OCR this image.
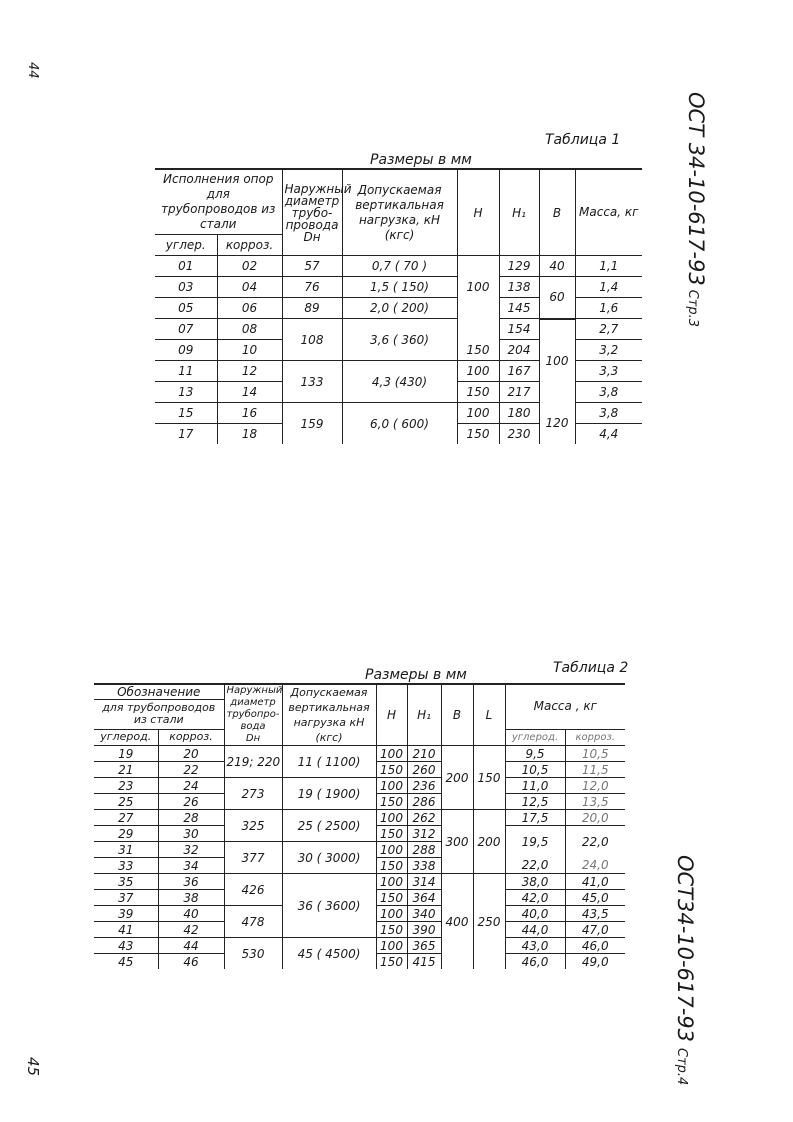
44
45
ОСТ 34-10-617-93Стр.3
ОСТ34-10-617-93Стр.4
Таблица 1
Размеры в мм
Исполнения опор для трубопроводов из стали		Наружный диаметр трубо-провода
Dн	Допускаемая вертикальная нагрузка, кН (кгс)	H	H₁	B	Масса, кг
углер.	корроз.						
01	02	57	0,7 ( 70 )	100	129	40	1,1
03	04	76	1,5 ( 150)		138	60	1,4
05	06	89	2,0 ( 200)		145		1,6
07	08	108	3,6 ( 360)		154	100	2,7
09	10			150	204		3,2
11	12	133	4,3 (430)	100	167		3,3
13	14			150	217		3,8
15	16	159	6,0 ( 600)	100	180	120	3,8
17	18			150	230		4,4
Таблица 2
Размеры в мм
Обозначение		Наружный диаметр трубопро-вода
Dн	Допускаемая вертикальная нагрузка кН (кгс)	H	H₁	B	L	Масса , кг	
для трубопроводов из стали									
углерод.	корроз.							углерод.	корроз.
19	20	219; 220	11 ( 1100)	100	210	200	150	9,5	10,5
21	22			150	260			10,5	11,5
23	24	273	19 ( 1900)	100	236			11,0	12,0
25	26			150	286			12,5	13,5
27	28	325	25 ( 2500)	100	262	300	200	17,5	20,0
29	30			150	312			19,5	22,0
31	32	377	30 ( 3000)	100	288				
33	34			150	338			22,0	24,0
35	36	426	36 ( 3600)	100	314	400	250	38,0	41,0
37	38			150	364			42,0	45,0
39	40	478		100	340			40,0	43,5
41	42			150	390			44,0	47,0
43	44	530	45 ( 4500)	100	365			43,0	46,0
45	46			150	415			46,0	49,0
